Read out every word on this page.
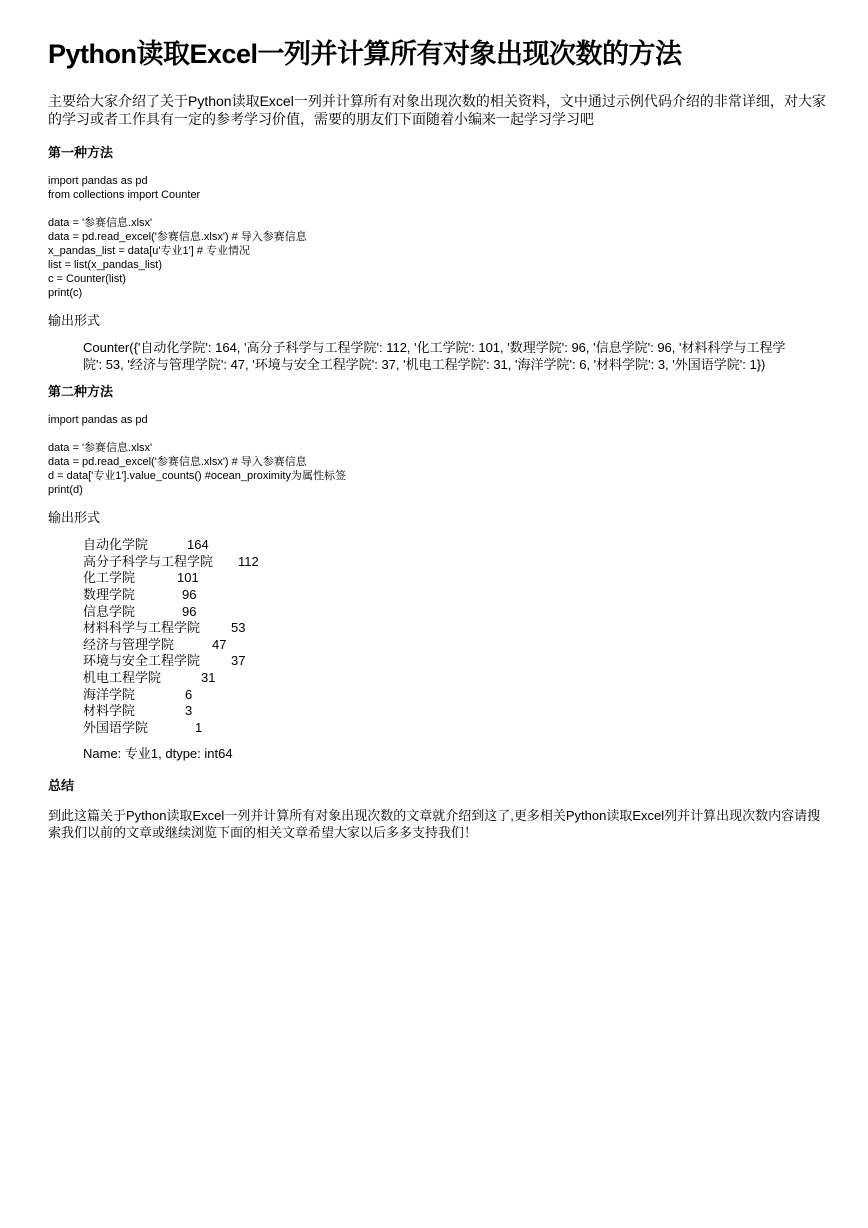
Python读取Excel一列并计算所有对象出现次数的方法

主要给大家介绍了关于Python读取Excel一列并计算所有对象出现次数的相关资料，文中通过示例代码介绍的非常详细，对大家的学习或者工作具有一定的参考学习价值，需要的朋友们下面随着小编来一起学习学习吧

第一种方法
import pandas as pd
from collections import Counter

data = '参赛信息.xlsx'
data = pd.read_excel('参赛信息.xlsx') # 导入参赛信息
x_pandas_list = data[u'专业1'] # 专业情况
list = list(x_pandas_list)
c = Counter(list)
print(c)
输出形式
Counter({'自动化学院': 164, '高分子科学与工程学院': 112, '化工学院': 101, '数理学院': 96, '信息学院': 96, '材料科学与工程学院': 53, '经济与管理学院': 47, '环境与安全工程学院': 37, '机电工程学院': 31, '海洋学院': 6, '材料学院': 3, '外国语学院': 1})
第二种方法
import pandas as pd

data = '参赛信息.xlsx'
data = pd.read_excel('参赛信息.xlsx') # 导入参赛信息
d = data['专业1'].value_counts() #ocean_proximity为属性标签
print(d)
输出形式
自动化学院	164
高分子科学与工程学院	112
化工学院	101
数理学院	96
信息学院	96
材料科学与工程学院	53
经济与管理学院	47
环境与安全工程学院	37
机电工程学院	31
海洋学院	6
材料学院	3
外国语学院	1
Name: 专业1, dtype: int64
总结

到此这篇关于Python读取Excel一列并计算所有对象出现次数的文章就介绍到这了,更多相关Python读取Excel列并计算出现次数内容请搜索我们以前的文章或继续浏览下面的相关文章希望大家以后多多支持我们！
